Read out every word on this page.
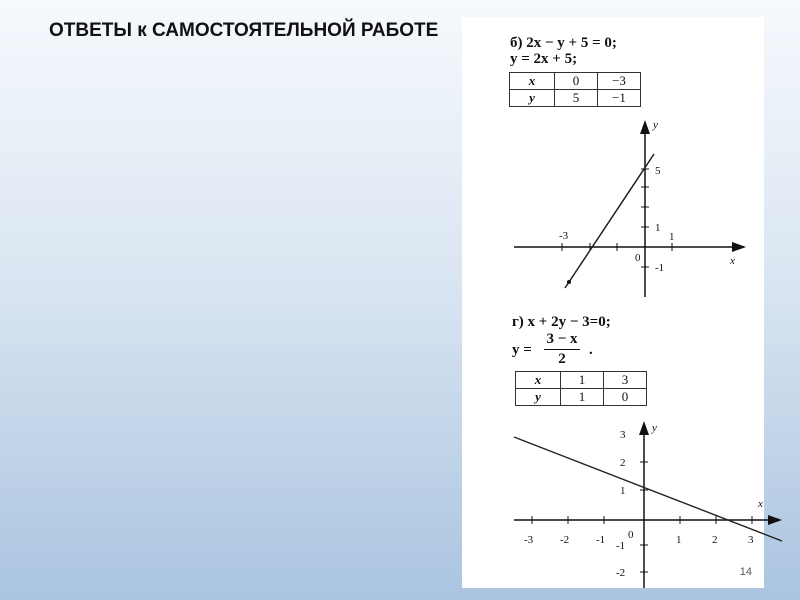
ОТВЕТЫ к САМОСТОЯТЕЛЬНОЙ РАБОТЕ
б) 2x − y + 5 = 0;
y = 2x + 5;
x	0	−3
y	5	−1
-3	1
1
5
-1
0	x
y
г) x + 2y − 3=0;
y =
3 − x
2
.
x	1	3
y	1	0
-3 -2 -1 0	1	2	3
3
2
1
-1
-2
x
y
14
